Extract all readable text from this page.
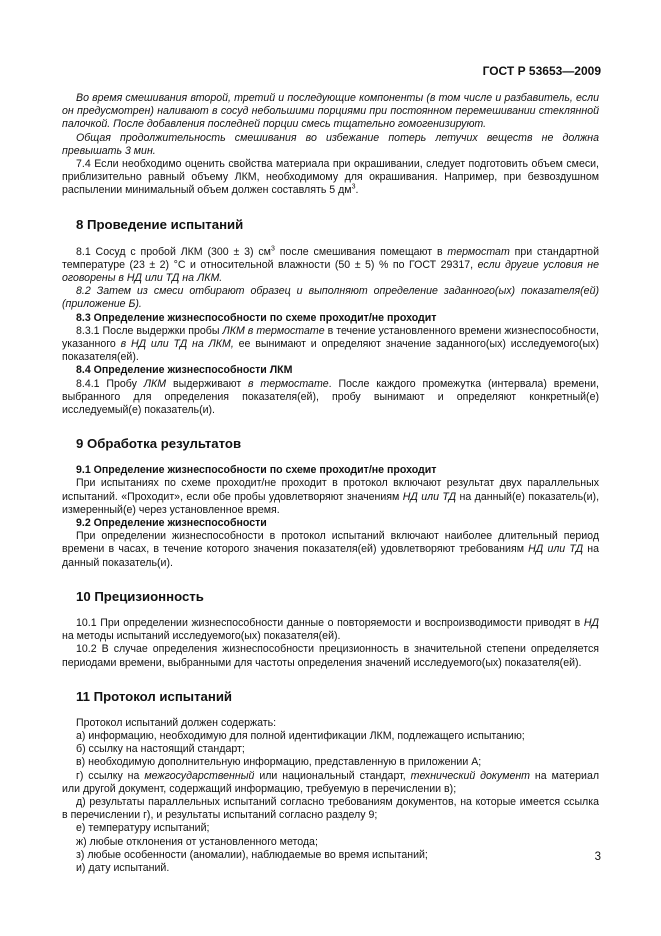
ГОСТ Р 53653—2009

Во время смешивания второй, третий и последующие компоненты (в том числе и разбавитель, если он предусмотрен) наливают в сосуд небольшими порциями при постоянном перемешивании стеклянной палочкой. После добавления последней порции смесь тщательно гомогенизируют.

Общая продолжительность смешивания во избежание потерь летучих веществ не должна превышать 3 мин.

7.4 Если необходимо оценить свойства материала при окрашивании, следует подготовить объем смеси, приблизительно равный объему ЛКМ, необходимому для окрашивания. Например, при безвоздушном распылении минимальный объем должен составлять 5 $дм^3$.

8 Проведение испытаний

8.1 Сосуд с пробой ЛКМ (300 ± 3) $см^3$ после смешивания помещают в термостат при стандартной температуре (23 ± 2) °С и относительной влажности (50 ± 5) % по ГОСТ 29317, если другие условия не оговорены в НД или ТД на ЛКМ.

8.2 Затем из смеси отбирают образец и выполняют определение заданного(ых) показателя(ей) (приложение Б).

8.3 Определение жизнеспособности по схеме проходит/не проходит

8.3.1 После выдержки пробы ЛКМ в термостате в течение установленного времени жизнеспособности, указанного в НД или ТД на ЛКМ, ее вынимают и определяют значение заданного(ых) исследуемого(ых) показателя(ей).

8.4 Определение жизнеспособности ЛКМ

8.4.1 Пробу ЛКМ выдерживают в термостате. После каждого промежутка (интервала) времени, выбранного для определения показателя(ей), пробу вынимают и определяют конкретный(е) исследуемый(е) показатель(и).

9 Обработка результатов

9.1 Определение жизнеспособности по схеме проходит/не проходит

При испытаниях по схеме проходит/не проходит в протокол включают результат двух параллельных испытаний. «Проходит», если обе пробы удовлетворяют значениям НД или ТД на данный(е) показатель(и), измеренный(е) через установленное время.

9.2 Определение жизнеспособности

При определении жизнеспособности в протокол испытаний включают наиболее длительный период времени в часах, в течение которого значения показателя(ей) удовлетворяют требованиям НД или ТД на данный показатель(и).

10 Прецизионность

10.1 При определении жизнеспособности данные о повторяемости и воспроизводимости приводят в НД на методы испытаний исследуемого(ых) показателя(ей).

10.2 В случае определения жизнеспособности прецизионность в значительной степени определяется периодами времени, выбранными для частоты определения значений исследуемого(ых) показателя(ей).

11 Протокол испытаний

Протокол испытаний должен содержать:

а) информацию, необходимую для полной идентификации ЛКМ, подлежащего испытанию;

б) ссылку на настоящий стандарт;

в) необходимую дополнительную информацию, представленную в приложении А;

г) ссылку на межгосударственный или национальный стандарт, технический документ на материал или другой документ, содержащий информацию, требуемую в перечислении в);

д) результаты параллельных испытаний согласно требованиям документов, на которые имеется ссылка в перечислении г), и результаты испытаний согласно разделу 9;

е) температуру испытаний;

ж) любые отклонения от установленного метода;

з) любые особенности (аномалии), наблюдаемые во время испытаний;

и) дату испытаний.

3
